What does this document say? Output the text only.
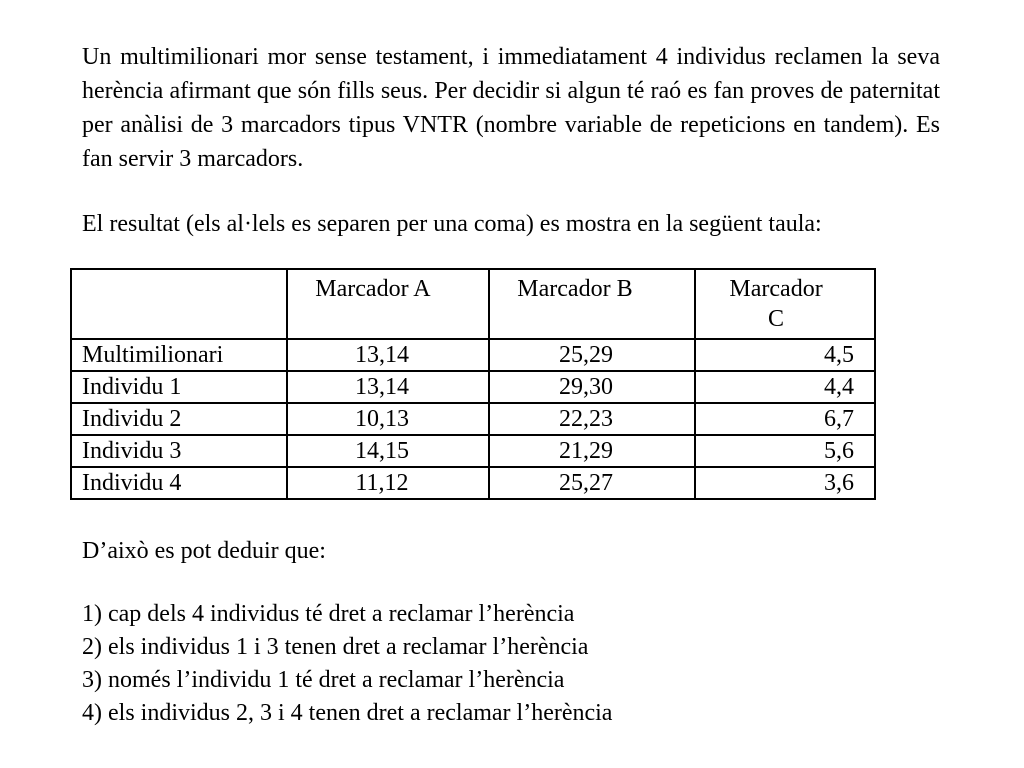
Un multimilionari mor sense testament, i immediatament 4 individus reclamen la seva herència afirmant que són fills seus. Per decidir si algun té raó es fan proves de paternitat per anàlisi de 3 marcadors tipus VNTR (nombre variable de repeticions en tandem). Es fan servir 3 marcadors.

El resultat (els al·lels es separen per una coma) es mostra en la següent taula:

	Marcador A	Marcador B	Marcador
C
Multimilionari	13,14	25,29	4,5
Individu 1	13,14	29,30	4,4
Individu 2	10,13	22,23	6,7
Individu 3	14,15	21,29	5,6
Individu 4	11,12	25,27	3,6

D’això es pot deduir que:

1) cap dels 4 individus té dret a reclamar l’herència
2) els individus 1 i 3 tenen dret a reclamar l’herència
3) només l’individu 1 té dret a reclamar l’herència
4) els individus 2, 3 i 4 tenen dret a reclamar l’herència
